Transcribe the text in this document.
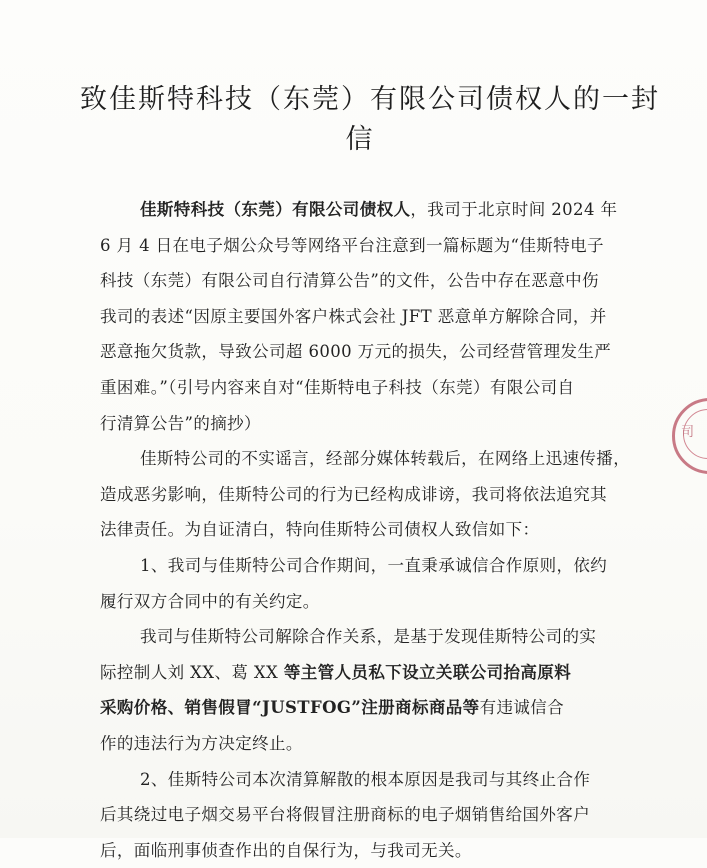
致佳斯特科技（东莞）有限公司债权人的一封
信
佳斯特科技（东莞）有限公司债权人，我司于北京时间 2024 年
6 月 4 日在电子烟公众号等网络平台注意到一篇标题为“佳斯特电子
科技（东莞）有限公司自行清算公告”的文件，公告中存在恶意中伤
我司的表述“因原主要国外客户株式会社 JFT 恶意单方解除合同，并
恶意拖欠货款，导致公司超 6000 万元的损失，公司经营管理发生严
重困难。”（引号内容来自对“佳斯特电子科技（东莞）有限公司自
行清算公告”的摘抄）
佳斯特公司的不实谣言，经部分媒体转载后，在网络上迅速传播，
造成恶劣影响，佳斯特公司的行为已经构成诽谤，我司将依法追究其
法律责任。为自证清白，特向佳斯特公司债权人致信如下：
1、我司与佳斯特公司合作期间，一直秉承诚信合作原则，依约
履行双方合同中的有关约定。
我司与佳斯特公司解除合作关系，是基于发现佳斯特公司的实
际控制人刘 XX、葛 XX 等主管人员私下设立关联公司抬高原料
采购价格、销售假冒“JUSTFOG”注册商标商品等有违诚信合
作的违法行为方决定终止。
2、佳斯特公司本次清算解散的根本原因是我司与其终止合作
后其绕过电子烟交易平台将假冒注册商标的电子烟销售给国外客户
后，面临刑事侦查作出的自保行为，与我司无关。
司
